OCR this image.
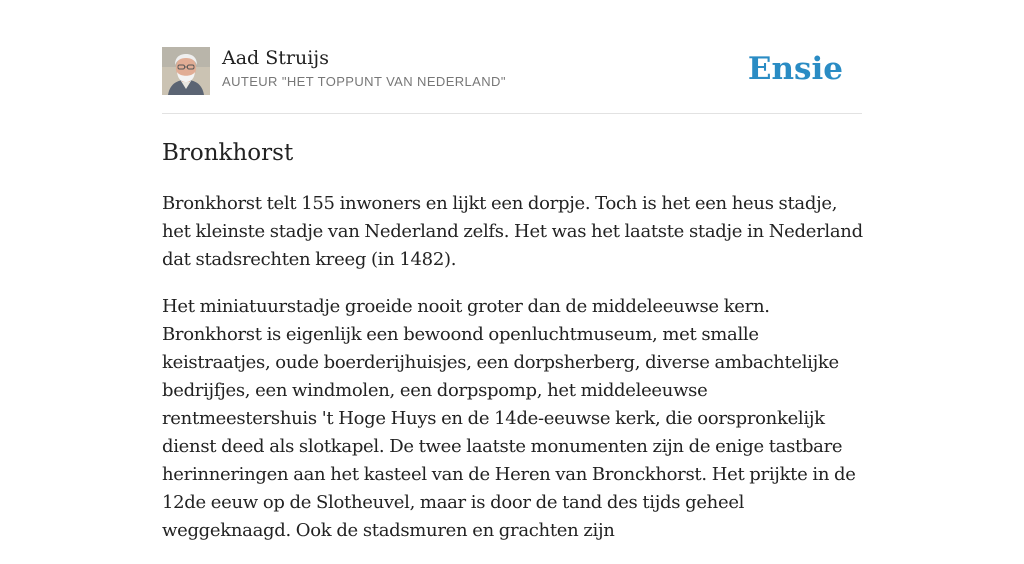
Aad Struijs
AUTEUR "HET TOPPUNT VAN NEDERLAND"	Ensie
Bronkhorst

Bronkhorst telt 155 inwoners en lijkt een dorpje. Toch is het een heus stadje, het kleinste stadje van Nederland zelfs. Het was het laatste stadje in Nederland dat stadsrechten kreeg (in 1482).

Het miniatuurstadje groeide nooit groter dan de middeleeuwse kern. Bronkhorst is eigenlijk een bewoond openluchtmuseum, met smalle keistraatjes, oude boerderijhuisjes, een dorpsherberg, diverse ambachtelijke bedrijfjes, een windmolen, een dorpspomp, het middeleeuwse rentmeestershuis 't Hoge Huys en de 14de-eeuwse kerk, die oorspronkelijk dienst deed als slotkapel. De twee laatste monumenten zijn de enige tastbare herinneringen aan het kasteel van de Heren van Bronckhorst. Het prijkte in de 12de eeuw op de Slotheuvel, maar is door de tand des tijds geheel weggeknaagd. Ook de stadsmuren en grachten zijn
